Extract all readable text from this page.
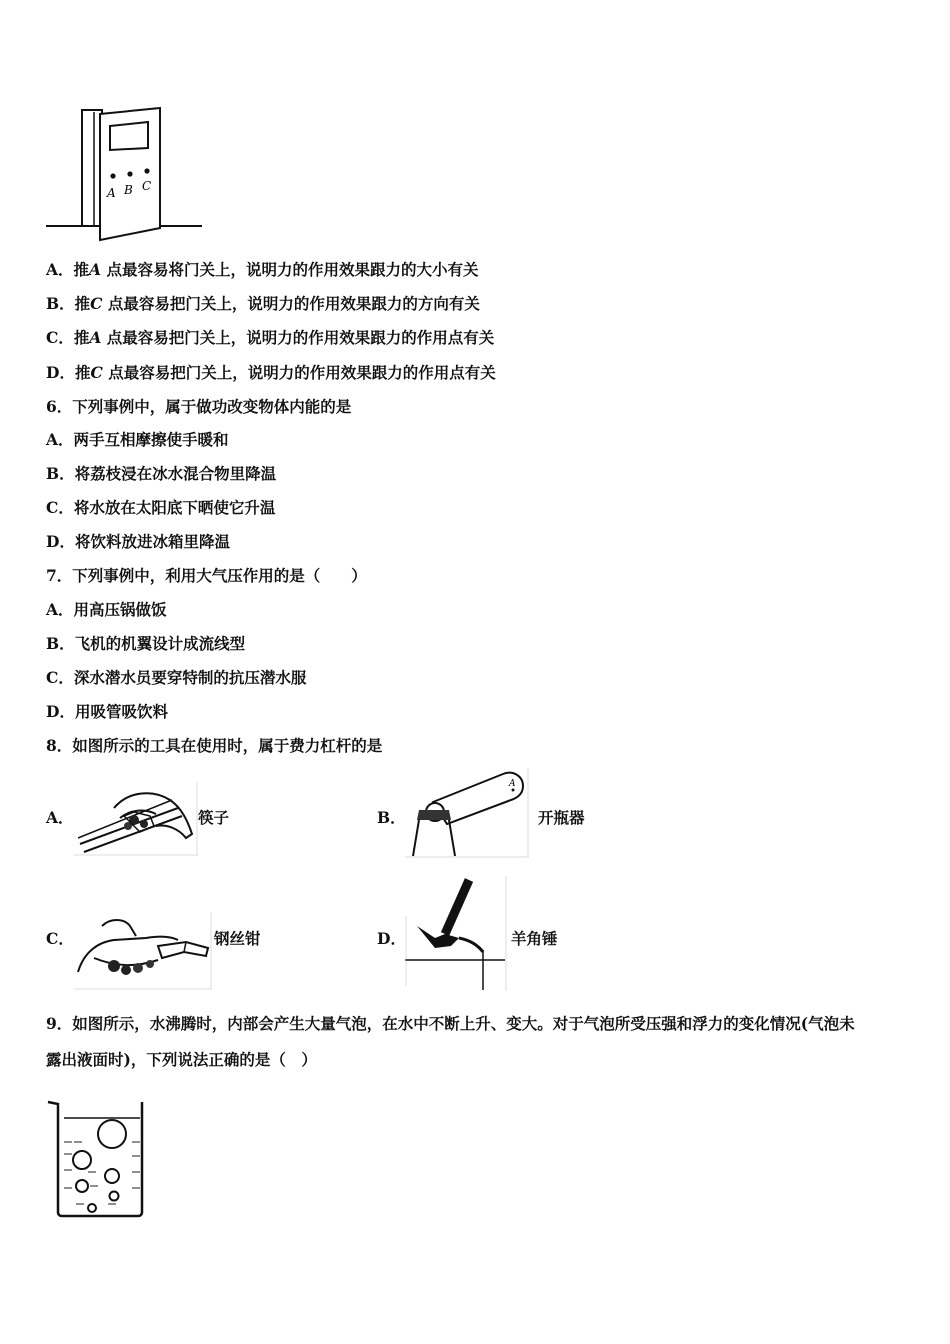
A B C
A．推A 点最容易将门关上，说明力的作用效果跟力的大小有关
B．推C 点最容易把门关上，说明力的作用效果跟力的方向有关
C．推A 点最容易把门关上，说明力的作用效果跟力的作用点有关
D．推C 点最容易把门关上，说明力的作用效果跟力的作用点有关
6．下列事例中，属于做功改变物体内能的是
A．两手互相摩擦使手暖和
B．将荔枝浸在冰水混合物里降温
C．将水放在太阳底下晒使它升温
D．将饮料放进冰箱里降温
7．下列事例中，利用大气压作用的是（　　）
A．用高压锅做饭
B．飞机的机翼设计成流线型
C．深水潜水员要穿特制的抗压潜水服
D．用吸管吸饮料
8．如图所示的工具在使用时，属于费力杠杆的是
A．	筷子	B．
A
开瓶器
C．	钢丝钳	D．	羊角锤
9．如图所示，水沸腾时，内部会产生大量气泡，在水中不断上升、变大。对于气泡所受压强和浮力的变化情况(气泡未
露出液面时)，下列说法正确的是（　）
